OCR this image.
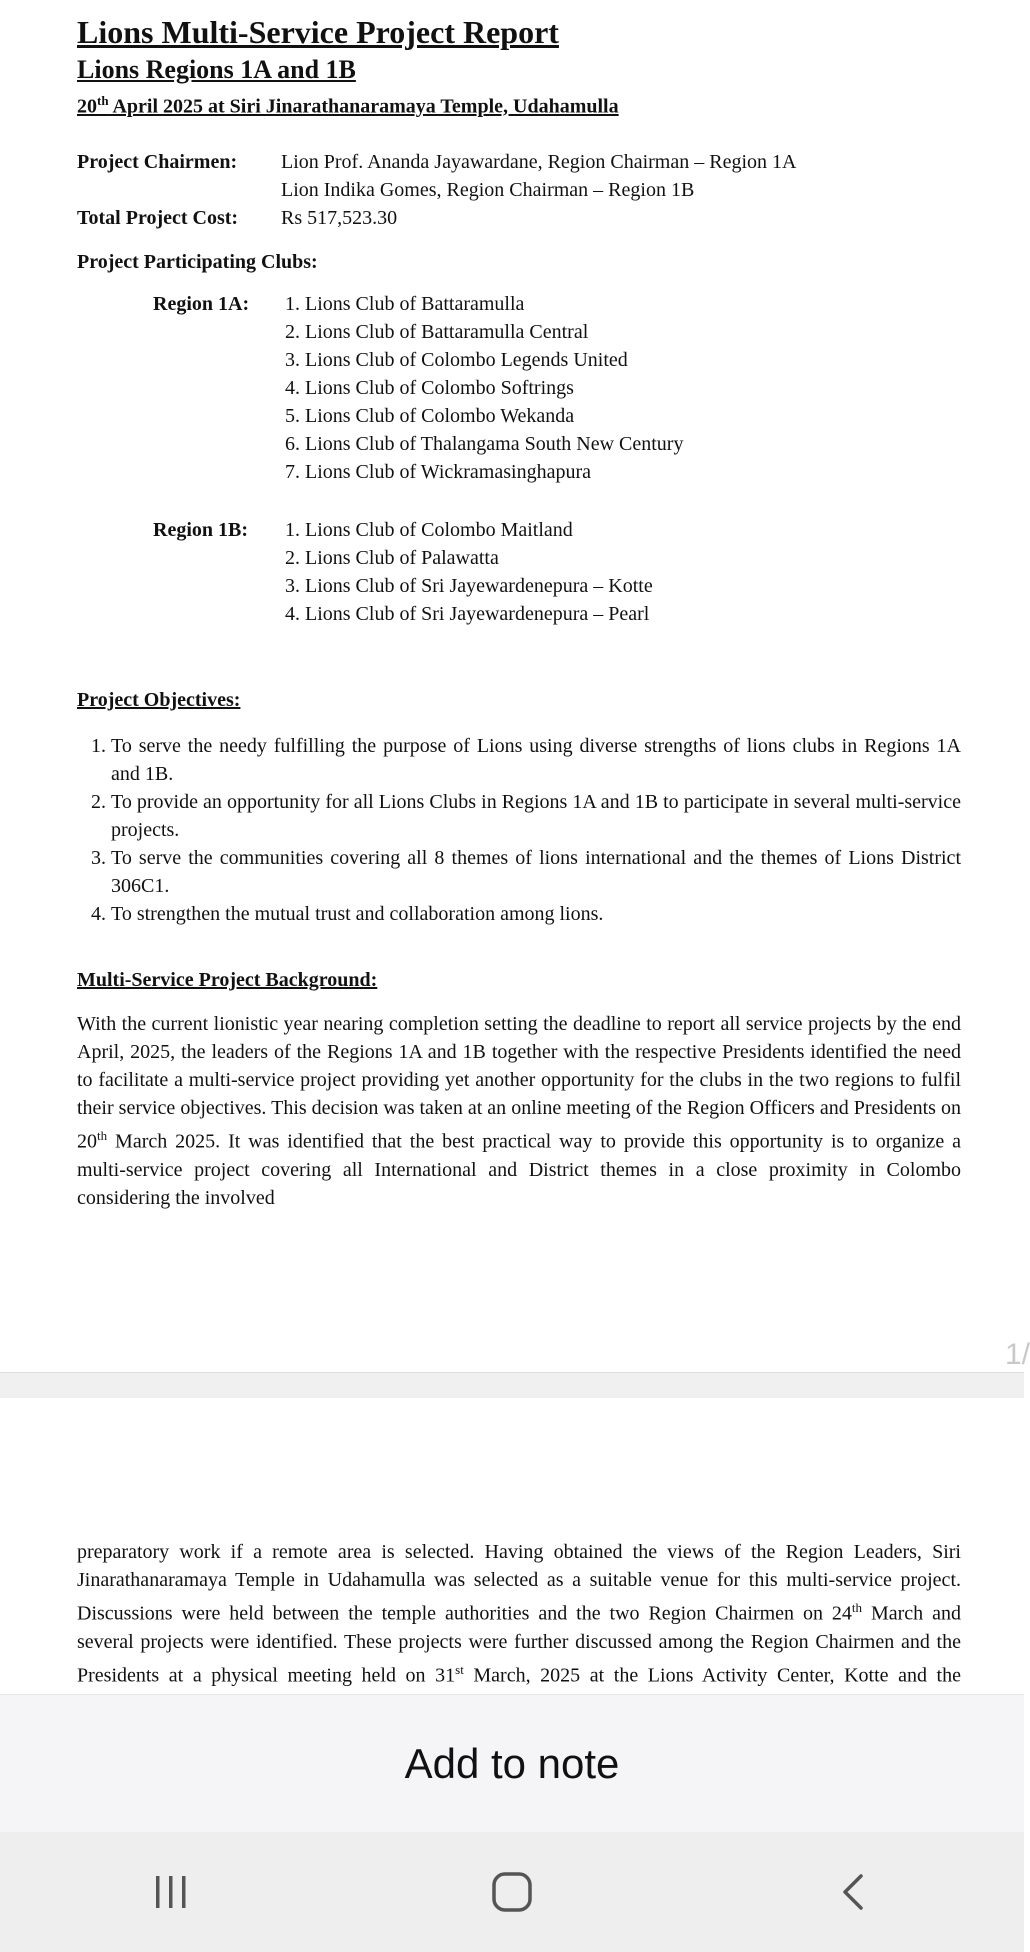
Lions Multi-Service Project Report
Lions Regions 1A and 1B
20th April 2025 at Siri Jinarathanaramaya Temple, Udahamulla
Project Chairmen:	Lion Prof. Ananda Jayawardane, Region Chairman – Region 1A
Lion Indika Gomes, Region Chairman – Region 1B
Total Project Cost:	Rs 517,523.30
Project Participating Clubs:
Region 1A:	1. Lions Club of Battaramulla
2. Lions Club of Battaramulla Central
3. Lions Club of Colombo Legends United
4. Lions Club of Colombo Softrings
5. Lions Club of Colombo Wekanda
6. Lions Club of Thalangama South New Century
7. Lions Club of Wickramasinghapura
Region 1B:	1. Lions Club of Colombo Maitland
2. Lions Club of Palawatta
3. Lions Club of Sri Jayewardenepura – Kotte
4. Lions Club of Sri Jayewardenepura – Pearl
Project Objectives:
1. To serve the needy fulfilling the purpose of Lions using diverse strengths of lions clubs in Regions 1A and 1B.
2. To provide an opportunity for all Lions Clubs in Regions 1A and 1B to participate in several multi-service projects.
3. To serve the communities covering all 8 themes of lions international and the themes of Lions District 306C1.
4. To strengthen the mutual trust and collaboration among lions.
Multi-Service Project Background:

With the current lionistic year nearing completion setting the deadline to report all service projects by the end April, 2025, the leaders of the Regions 1A and 1B together with the respective Presidents identified the need to facilitate a multi-service project providing yet another opportunity for the clubs in the two regions to fulfil their service objectives. This decision was taken at an online meeting of the Region Officers and Presidents on 20th March 2025. It was identified that the best practical way to provide this opportunity is to organize a multi-service project covering all International and District themes in a close proximity in Colombo considering the involved

1/

preparatory work if a remote area is selected. Having obtained the views of the Region Leaders, Siri Jinarathanaramaya Temple in Udahamulla was selected as a suitable venue for this multi-service project. Discussions were held between the temple authorities and the two Region Chairmen on 24th March and several projects were identified. These projects were further discussed among the Region Chairmen and the Presidents at a physical meeting held on 31st March, 2025 at the Lions Activity Center, Kotte and the

Add to note
